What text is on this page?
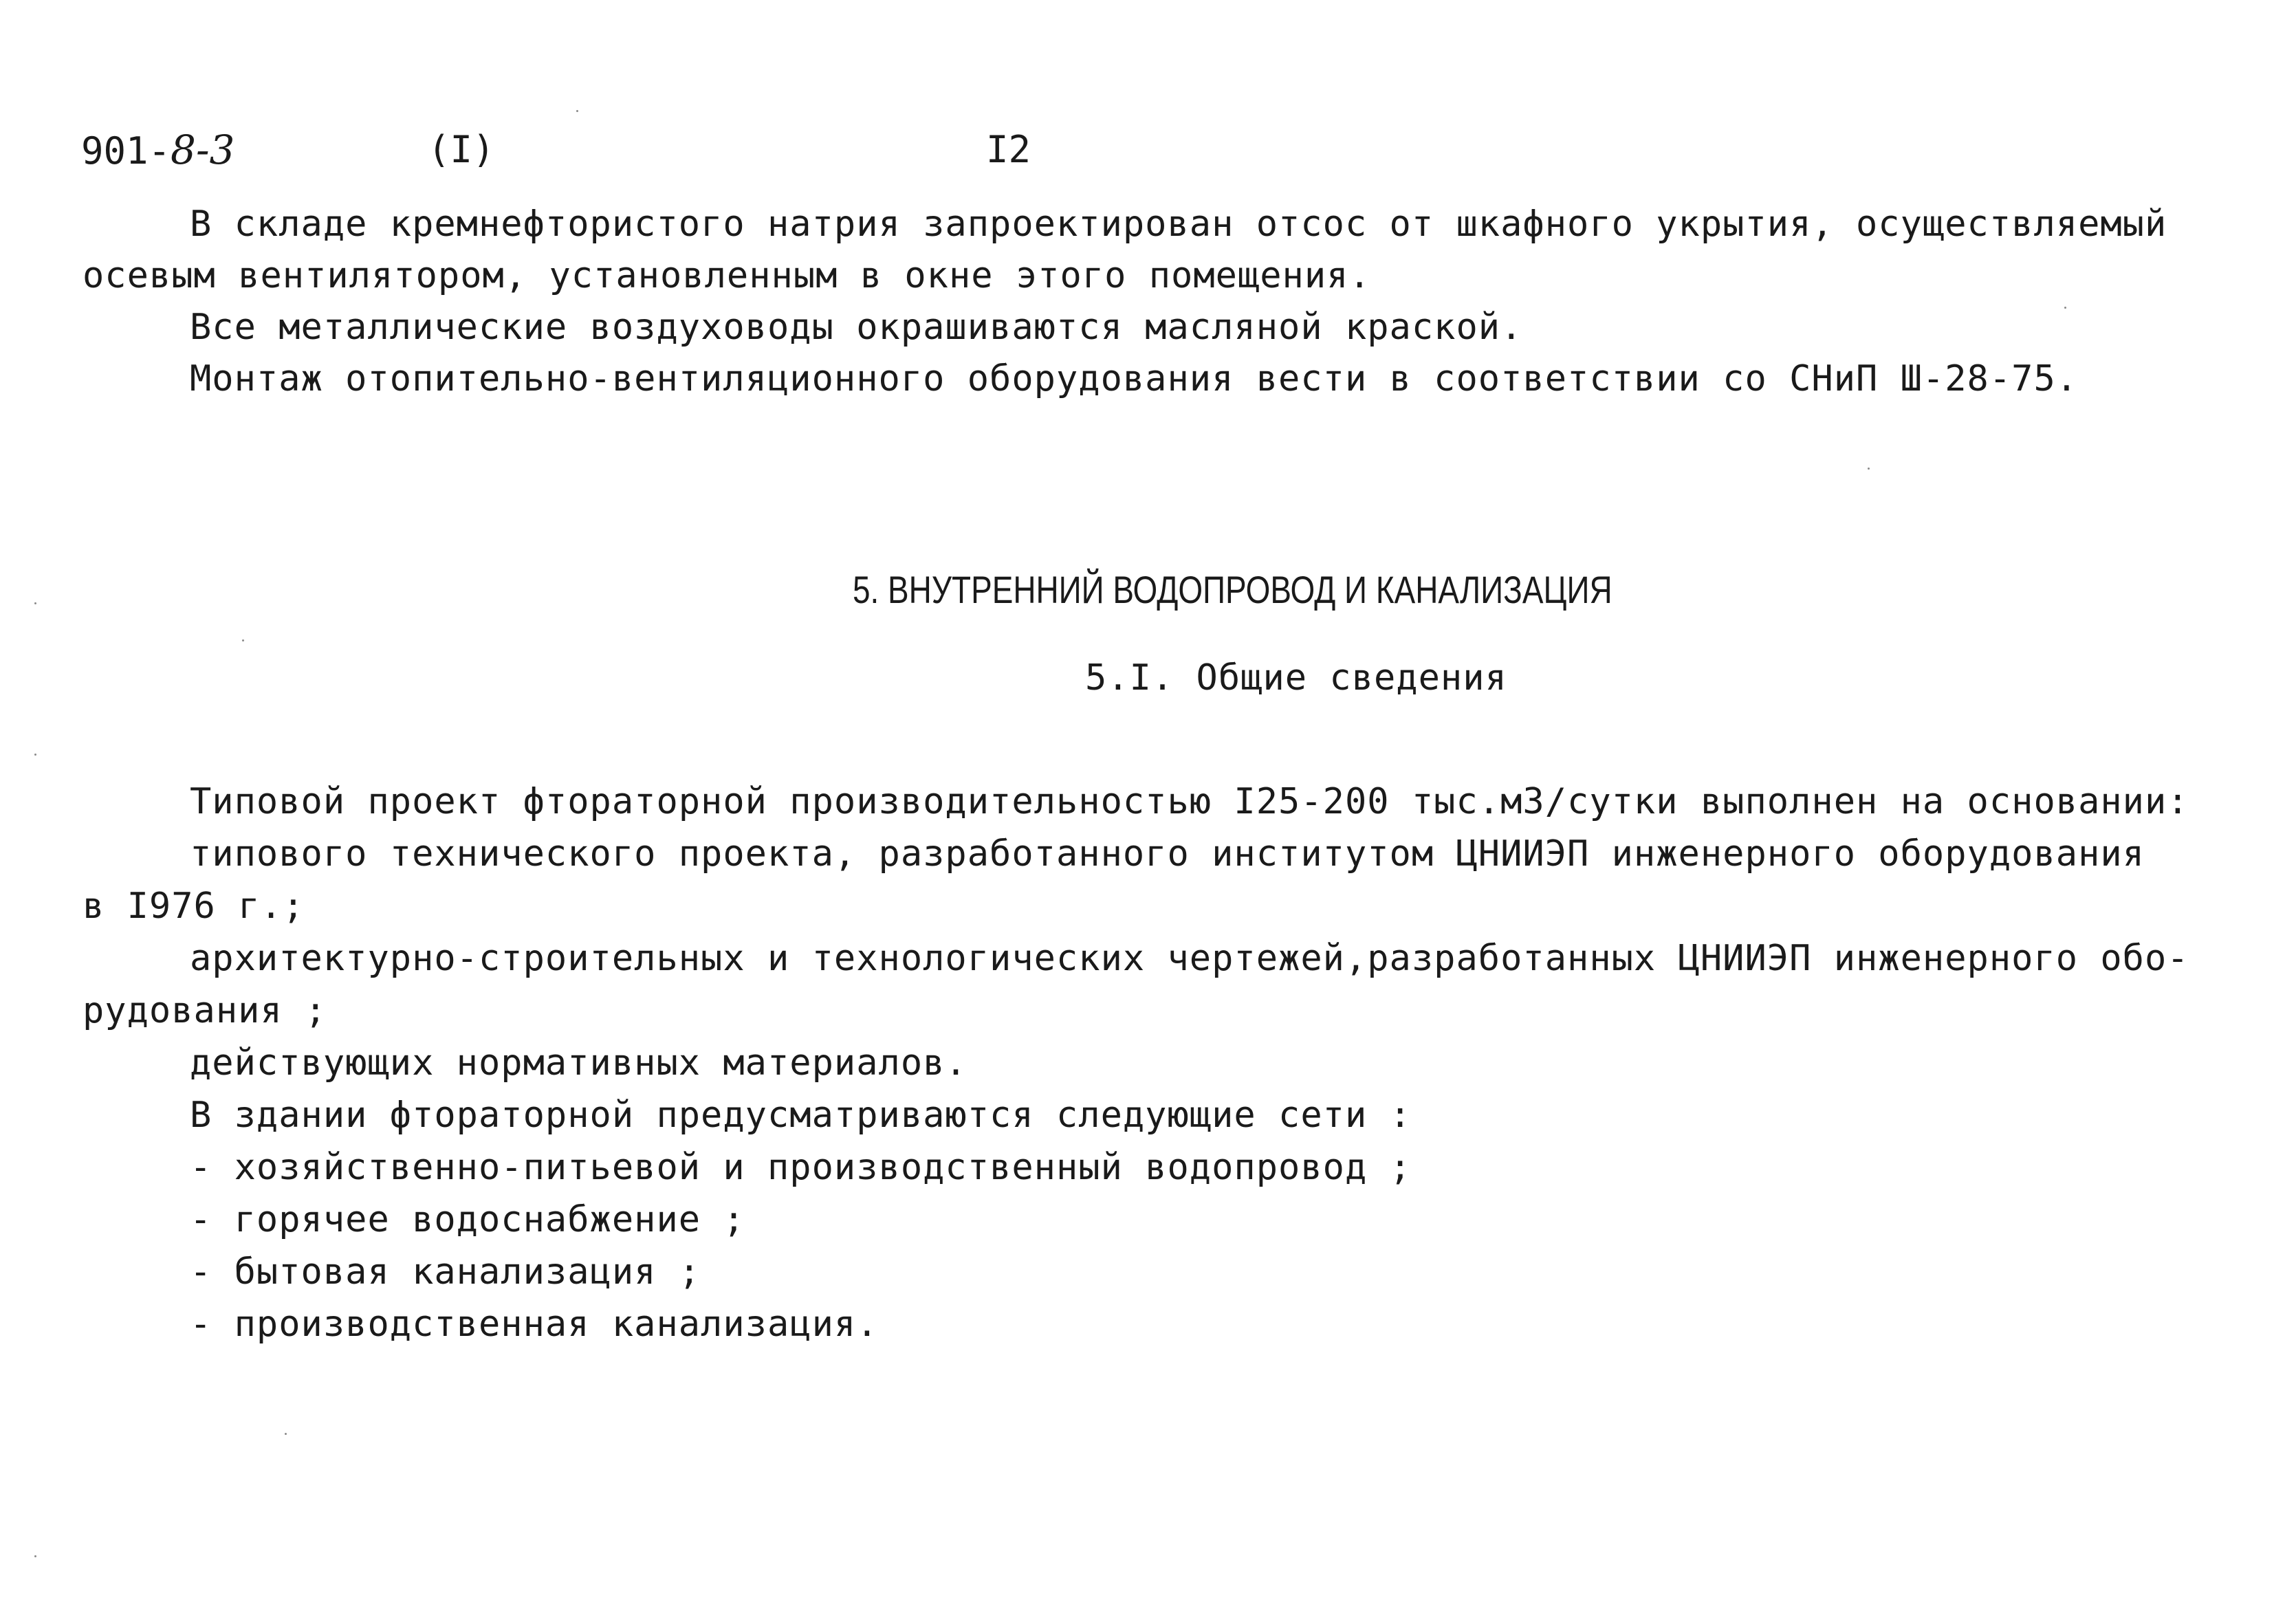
901-8-3	(I)	I2
В складе кремнефтористого натрия запроектирован отсос от шкафного укрытия, осуществляемый
осевым вентилятором, установленным в окне этого помещения.
Все металлические воздуховоды окрашиваются масляной краской.
Монтаж отопительно-вентиляционного оборудования вести в соответствии со СНиП Ш-28-75.
5. ВНУТРЕННИЙ ВОДОПРОВОД И КАНАЛИЗАЦИЯ
5.I. Общие сведения
Типовой проект фтораторной производительностью I25-200 тыс.м3/сутки выполнен на основании:
типового технического проекта, разработанного институтом ЦНИИЭП инженерного оборудования
в I976 г.;
архитектурно-строительных и технологических чертежей,разработанных ЦНИИЭП инженерного обо-
рудования ;
действующих нормативных материалов.
В здании фтораторной предусматриваются следующие сети :
- хозяйственно-питьевой и производственный водопровод ;
- горячее водоснабжение ;
- бытовая канализация ;
- производственная канализация.
